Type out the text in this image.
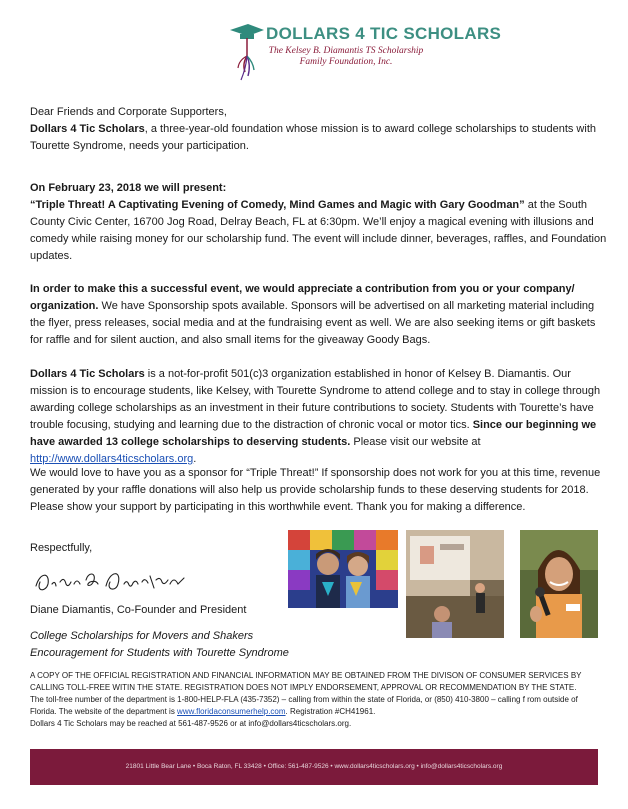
DOLLARS 4 TIC SCHOLARS
The Kelsey B. Diamantis TS Scholarship Family Foundation, Inc.

Dear Friends and Corporate Supporters,

Dollars 4 Tic Scholars, a three-year-old foundation whose mission is to award college scholarships to students with Tourette Syndrome, needs your participation.

On February 23, 2018 we will present:

“Triple Threat! A Captivating Evening of Comedy, Mind Games and Magic with Gary Goodman” at the South County Civic Center, 16700 Jog Road, Delray Beach, FL at 6:30pm. We’ll enjoy a magical evening with illusions and comedy while raising money for our scholarship fund. The event will include dinner, beverages, raffles, and Foundation updates.

In order to make this a successful event, we would appreciate a contribution from you or your company/ organization. We have Sponsorship spots available. Sponsors will be advertised on all marketing material including the flyer, press releases, social media and at the fundraising event as well. We are also seeking items or gift baskets for raffle and for silent auction, and also small items for the giveaway Goody Bags.

Dollars 4 Tic Scholars is a not-for-profit 501(c)3 organization established in honor of Kelsey B. Diamantis. Our mission is to encourage students, like Kelsey, with Tourette Syndrome to attend college and to stay in college through awarding college scholarships as an investment in their future contributions to society. Students with Tourette’s have trouble focusing, studying and learning due to the distraction of chronic vocal or motor tics. Since our beginning we have awarded 13 college scholarships to deserving students. Please visit our website at http://www.dollars4ticscholars.org.

We would love to have you as a sponsor for “Triple Threat!” If sponsorship does not work for you at this time, revenue generated by your raffle donations will also help us provide scholarship funds to these deserving students for 2018. Please show your support by participating in this worthwhile event. Thank you for making a difference.

Respectfully,
Diane Diamantis, Co-Founder and President
College Scholarships for Movers and Shakers
Encouragement for Students with Tourette Syndrome

A COPY OF THE OFFICIAL REGISTRATION AND FINANCIAL INFORMATION MAY BE OBTAINED FROM THE DIVISON OF CONSUMER SERVICES BY CALLING TOLL-FREE WITIN THE STATE. REGISTRATION DOES NOT IMPLY ENDORSEMENT, APPROVAL OR RECOMMENDATION BY THE STATE.

The toll-free number of the department is 1-800-HELP-FLA (435-7352) – calling from within the state of Florida, or (850) 410-3800 – calling f rom outside of Florida. The website of the department is www.floridaconsumerhelp.com. Registration #CH41961.

Dollars 4 Tic Scholars may be reached at 561-487-9526 or at info@dollars4ticscholars.org.

21801 Little Bear Lane • Boca Raton, FL 33428 • Office: 561-487-9526 • www.dollars4ticscholars.org • info@dollars4ticscholars.org
